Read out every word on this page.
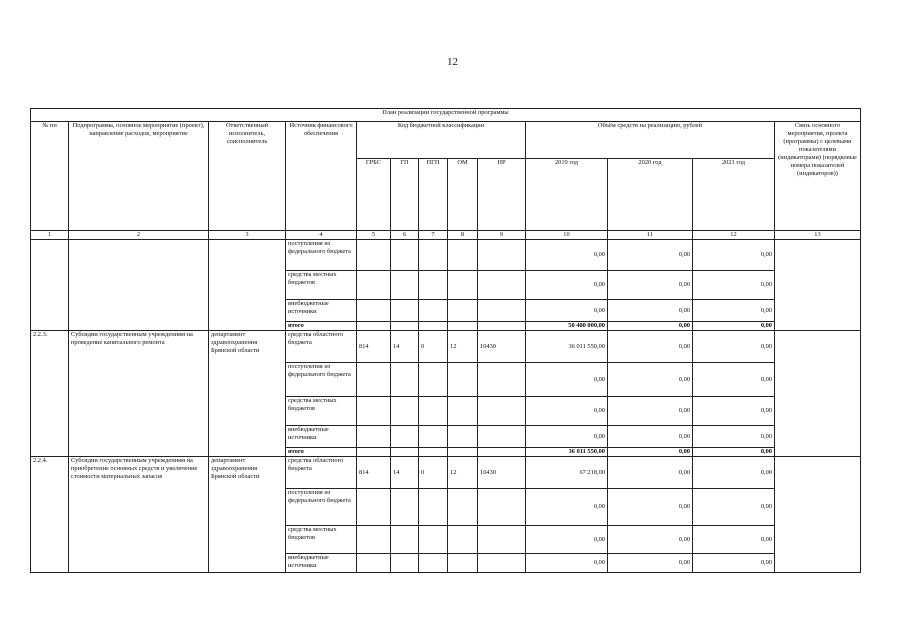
12
План реализации государственной программы												
№ пп	Подпрограмма, основное мероприятие (проект), направление расходов, мероприятие	Ответственный исполнитель, соисполнитель	Источник финансового обеспечения	Код бюджетной классификации					Объём средств на реализацию, рублей			Связь основного мероприятия, проекта (программы) с целевыми показателями (индикаторами) (порядковые номера показателей (индикаторов))
				ГРБС	ГП	ПГП	ОМ	НР	2019 год	2020 год	2021 год	
1	2	3	4	5	6	7	8	9	10	11	12	13
			поступления из федерального бюджета						0,00	0,00	0,00	
			средства местных бюджетов						0,00	0,00	0,00	
			внебюджетные источники						0,00	0,00	0,00	
			итого						50 400 000,00	0,00	0,00	
2.2.3.	Субсидии государственным учреждениям на проведение капитального ремонта	департамент здравоохранения Брянской области	средства областного бюджета	814	14	0	12	10430	36 011 550,00	0,00	0,00	
			поступления из федерального бюджета						0,00	0,00	0,00	
			средства местных бюджетов						0,00	0,00	0,00	
			внебюджетные источники						0,00	0,00	0,00	
			итого						36 011 550,00	0,00	0,00	
2.2.4.	Субсидии государственным учреждениям на приобретение основных средств и увеличение стоимости материальных запасов	департамент здравоохранения Брянской области	средства областного бюджета	814	14	0	12	10430	67 218,00	0,00	0,00	
			поступления из федерального бюджета						0,00	0,00	0,00	
			средства местных бюджетов						0,00	0,00	0,00	
			внебюджетные источники						0,00	0,00	0,00	
